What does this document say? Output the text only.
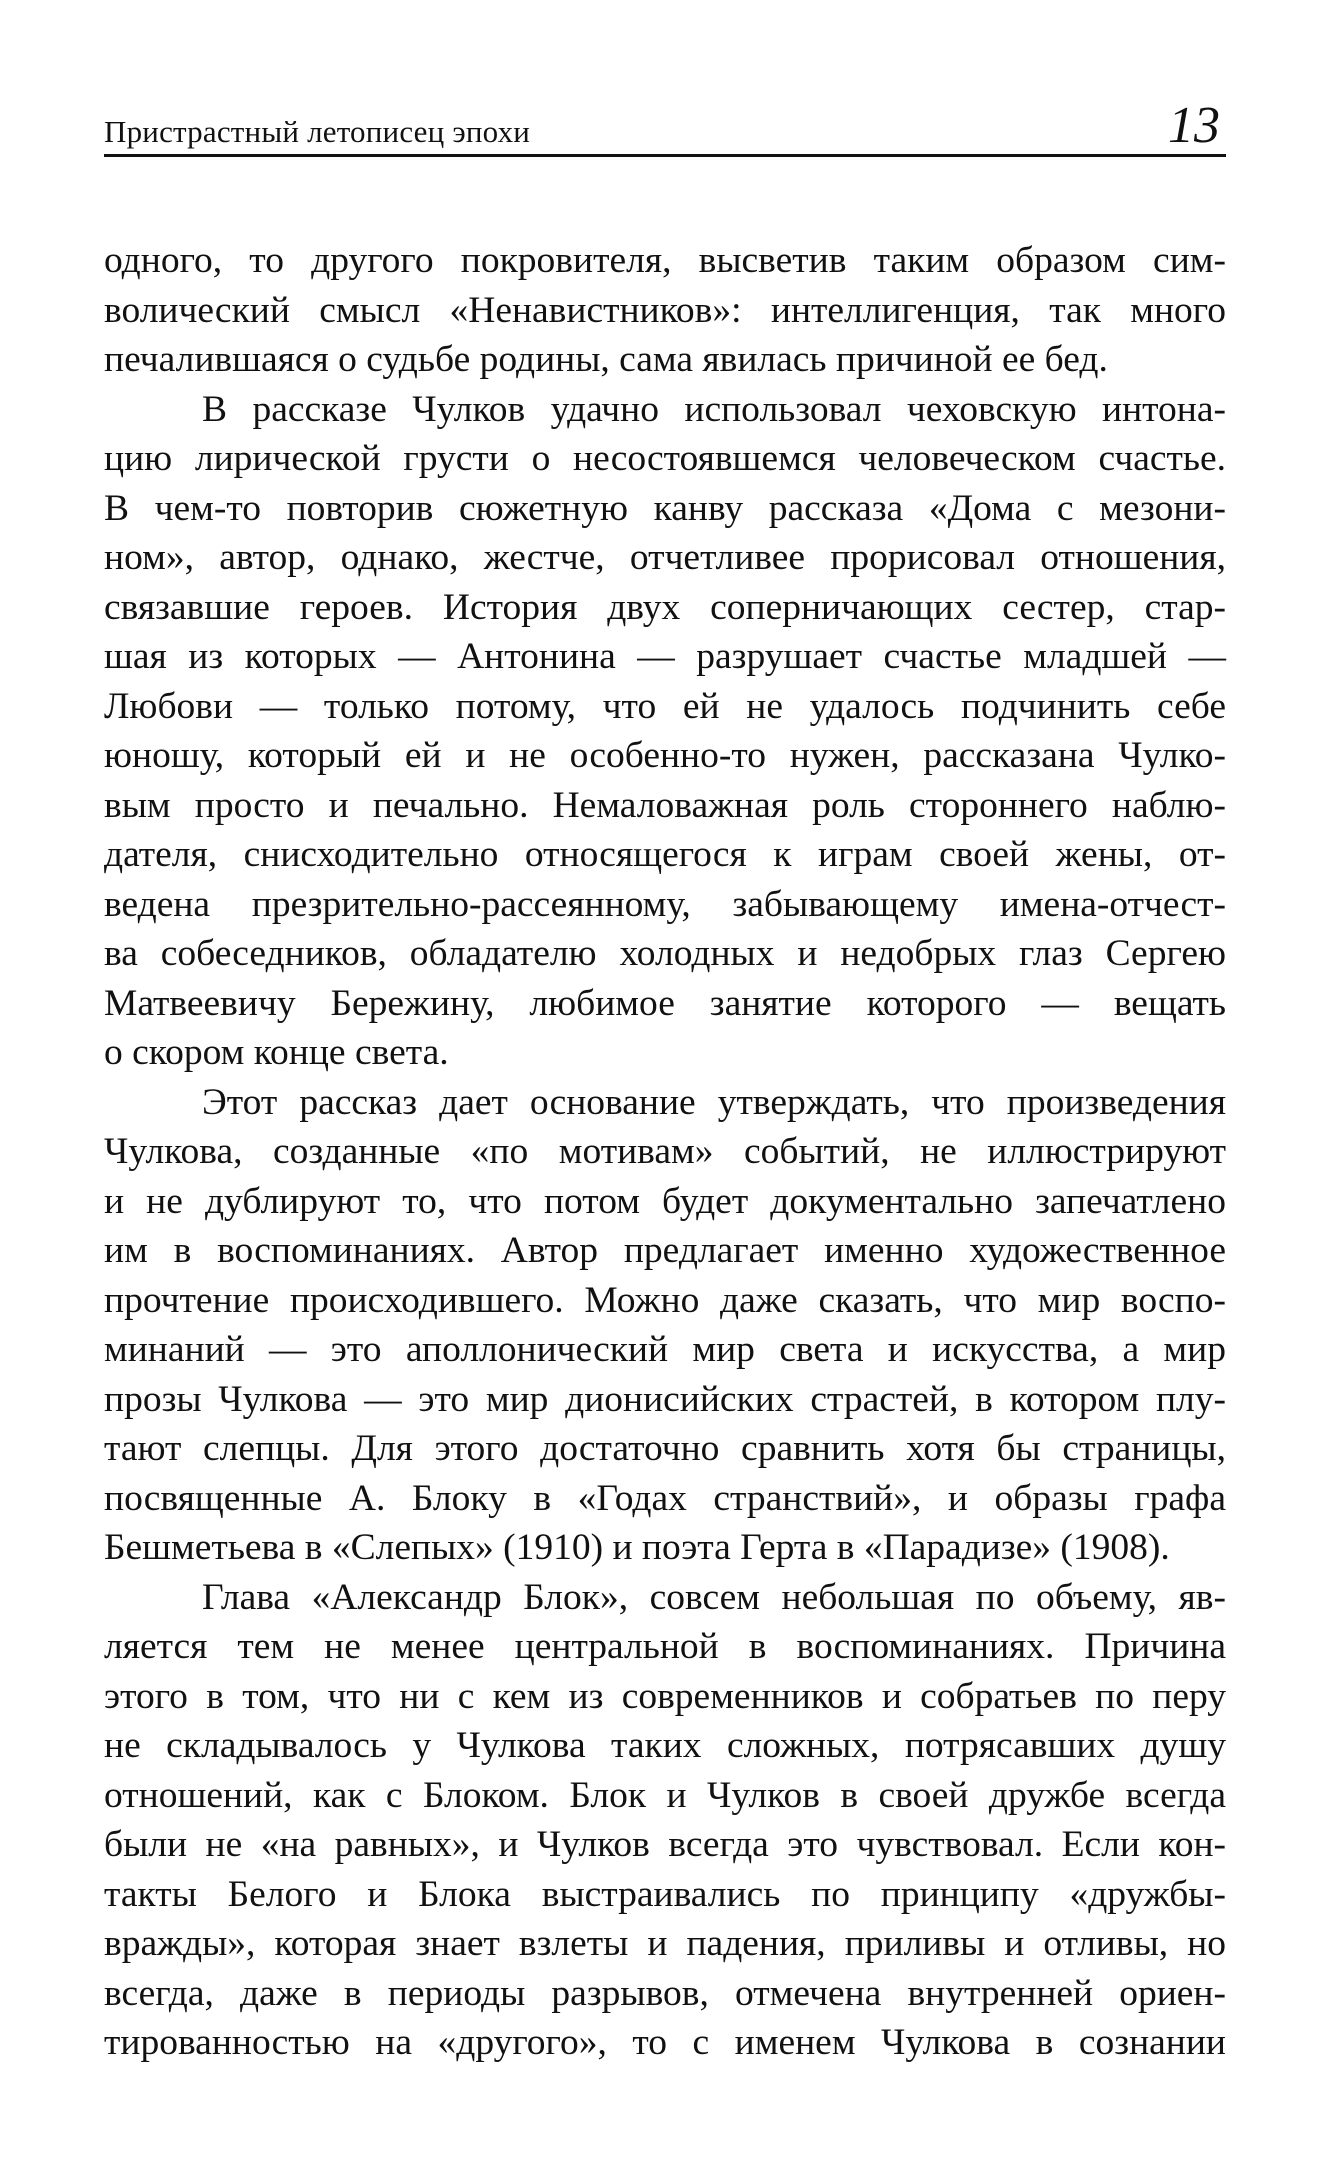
Пристрастный летописец эпохи	13
одного, то другого покровителя, высветив таким образом сим-
волический смысл «Ненавистников»: интеллигенция, так много
печалившаяся о судьбе родины, сама явилась причиной ее бед.
В рассказе Чулков удачно использовал чеховскую интона-
цию лирической грусти о несостоявшемся человеческом счастье.
В чем-то повторив сюжетную канву рассказа «Дома с мезони-
ном», автор, однако, жестче, отчетливее прорисовал отношения,
связавшие героев. История двух соперничающих сестер, стар-
шая из которых — Антонина — разрушает счастье младшей —
Любови — только потому, что ей не удалось подчинить себе
юношу, который ей и не особенно-то нужен, рассказана Чулко-
вым просто и печально. Немаловажная роль стороннего наблю-
дателя, снисходительно относящегося к играм своей жены, от-
ведена презрительно-рассеянному, забывающему имена-отчест-
ва собеседников, обладателю холодных и недобрых глаз Сергею
Матвеевичу Бережину, любимое занятие которого — вещать
о скором конце света.
Этот рассказ дает основание утверждать, что произведения
Чулкова, созданные «по мотивам» событий, не иллюстрируют
и не дублируют то, что потом будет документально запечатлено
им в воспоминаниях. Автор предлагает именно художественное
прочтение происходившего. Можно даже сказать, что мир воспо-
минаний — это аполлонический мир света и искусства, а мир
прозы Чулкова — это мир дионисийских страстей, в котором плу-
тают слепцы. Для этого достаточно сравнить хотя бы страницы,
посвященные А. Блоку в «Годах странствий», и образы графа
Бешметьева в «Слепых» (1910) и поэта Герта в «Парадизе» (1908).
Глава «Александр Блок», совсем небольшая по объему, яв-
ляется тем не менее центральной в воспоминаниях. Причина
этого в том, что ни с кем из современников и собратьев по перу
не складывалось у Чулкова таких сложных, потрясавших душу
отношений, как с Блоком. Блок и Чулков в своей дружбе всегда
были не «на равных», и Чулков всегда это чувствовал. Если кон-
такты Белого и Блока выстраивались по принципу «дружбы-
вражды», которая знает взлеты и падения, приливы и отливы, но
всегда, даже в периоды разрывов, отмечена внутренней ориен-
тированностью на «другого», то с именем Чулкова в сознании
